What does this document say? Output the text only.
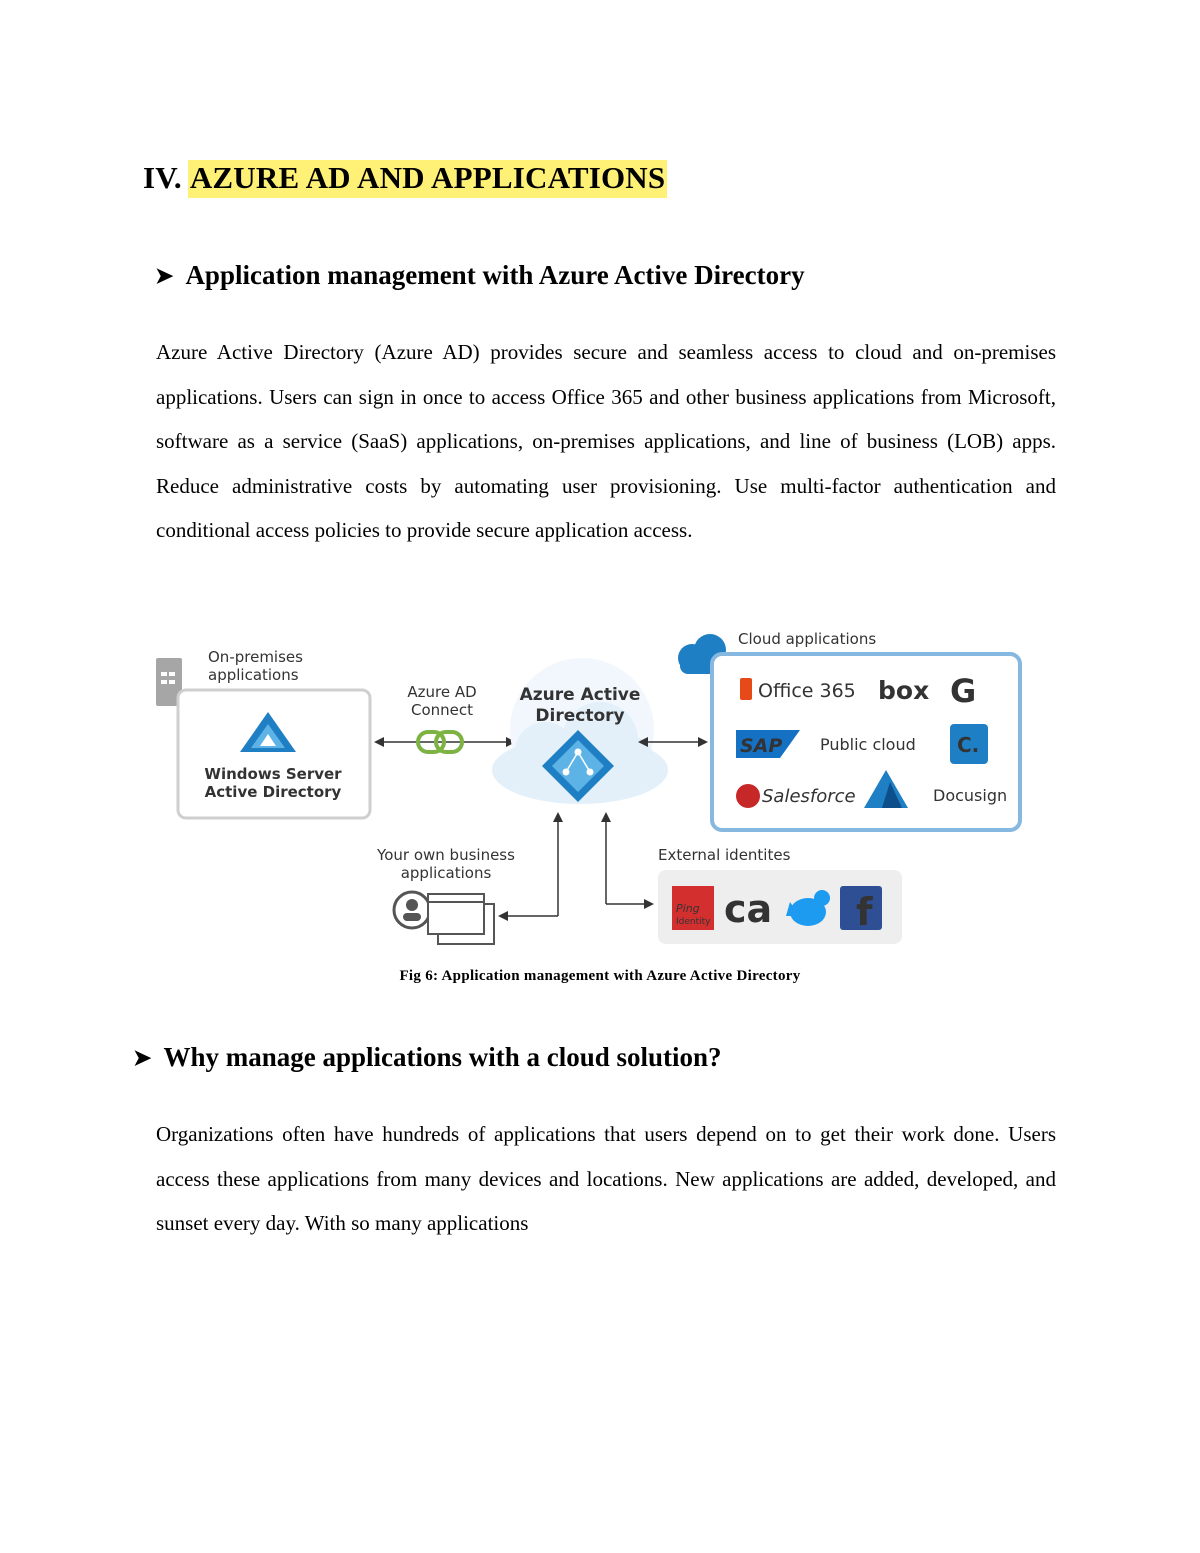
IV. AZURE AD AND APPLICATIONS
➤ Application management with Azure Active Directory
Azure Active Directory (Azure AD) provides secure and seamless access to cloud and on-premises applications. Users can sign in once to access Office 365 and other business applications from Microsoft, software as a service (SaaS) applications, on-premises applications, and line of business (LOB) apps. Reduce administrative costs by automating user provisioning. Use multi-factor authentication and conditional access policies to provide secure application access.
On-premises
applications
Windows Server
Active Directory
Azure AD
Connect
Azure Active
Directory
Cloud applications
Office 365 box G
SAP Public cloud C.
Salesforce	Docusign
Your own business
applications
External identites
Ping
Identity ca f
Fig 6: Application management with Azure Active Directory
➤ Why manage applications with a cloud solution?
Organizations often have hundreds of applications that users depend on to get their work done. Users access these applications from many devices and locations. New applications are added, developed, and sunset every day. With so many applications
